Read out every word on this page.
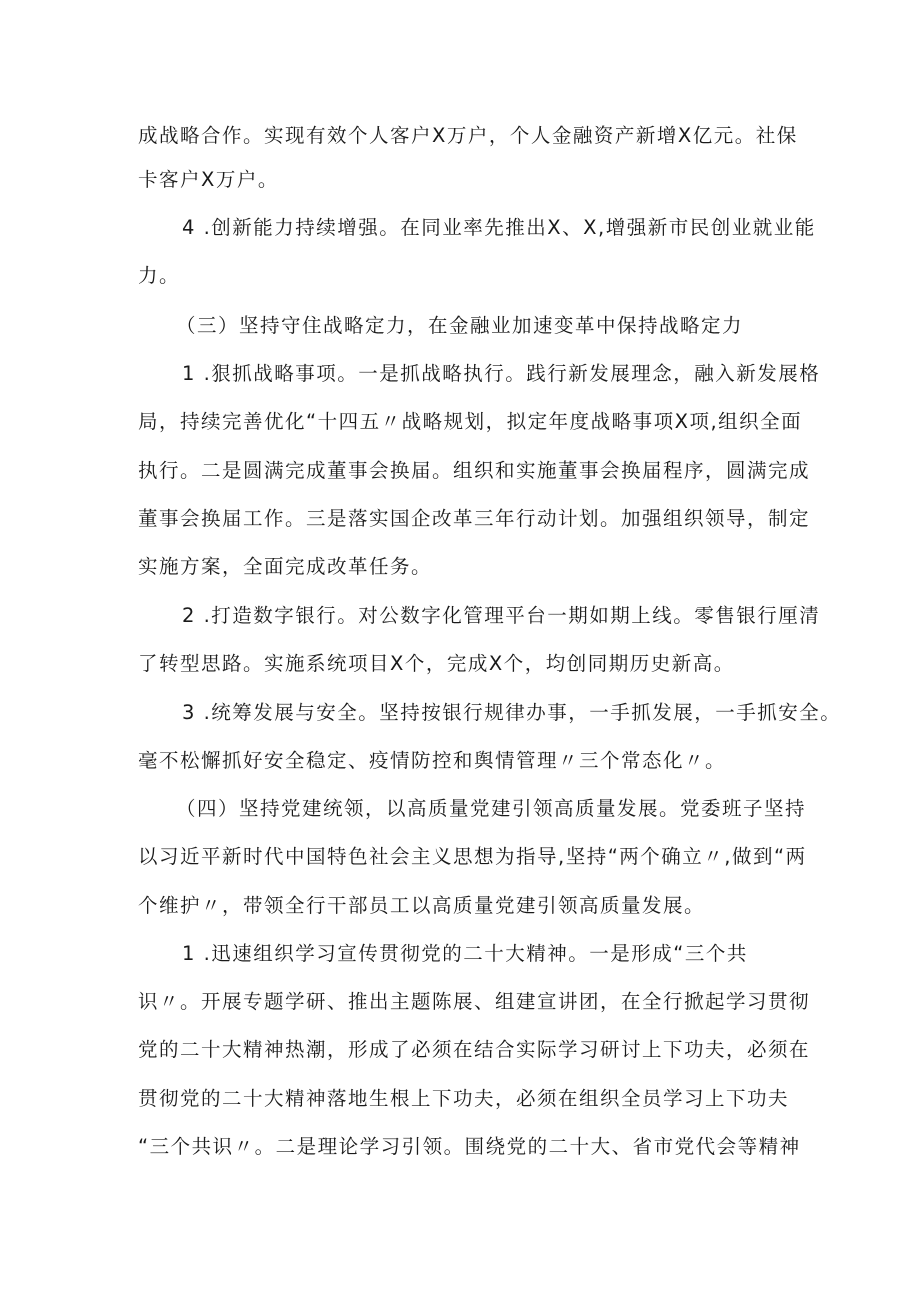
成战略合作。实现有效个人客户X万户，个人金融资产新增X亿元。社保

卡客户X万户。

4 .创新能力持续增强。在同业率先推出X、X,增强新市民创业就业能

力。

（三）坚持守住战略定力，在金融业加速变革中保持战略定力

1 .狠抓战略事项。一是抓战略执行。践行新发展理念，融入新发展格

局，持续完善优化“十四五〃战略规划，拟定年度战略事项X项,组织全面

执行。二是圆满完成董事会换届。组织和实施董事会换届程序，圆满完成

董事会换届工作。三是落实国企改革三年行动计划。加强组织领导，制定

实施方案，全面完成改革任务。

2 .打造数字银行。对公数字化管理平台一期如期上线。零售银行厘清

了转型思路。实施系统项目X个，完成X个，均创同期历史新高。

3 .统筹发展与安全。坚持按银行规律办事，一手抓发展，一手抓安全。

毫不松懈抓好安全稳定、疫情防控和舆情管理〃三个常态化〃。

（四）坚持党建统领，以高质量党建引领高质量发展。党委班子坚持

以习近平新时代中国特色社会主义思想为指导,坚持“两个确立〃,做到“两

个维护〃，带领全行干部员工以高质量党建引领高质量发展。

1 .迅速组织学习宣传贯彻党的二十大精神。一是形成“三个共

识〃。开展专题学研、推出主题陈展、组建宣讲团，在全行掀起学习贯彻

党的二十大精神热潮，形成了必须在结合实际学习研讨上下功夫，必须在

贯彻党的二十大精神落地生根上下功夫，必须在组织全员学习上下功夫

“三个共识〃。二是理论学习引领。围绕党的二十大、省市党代会等精神
